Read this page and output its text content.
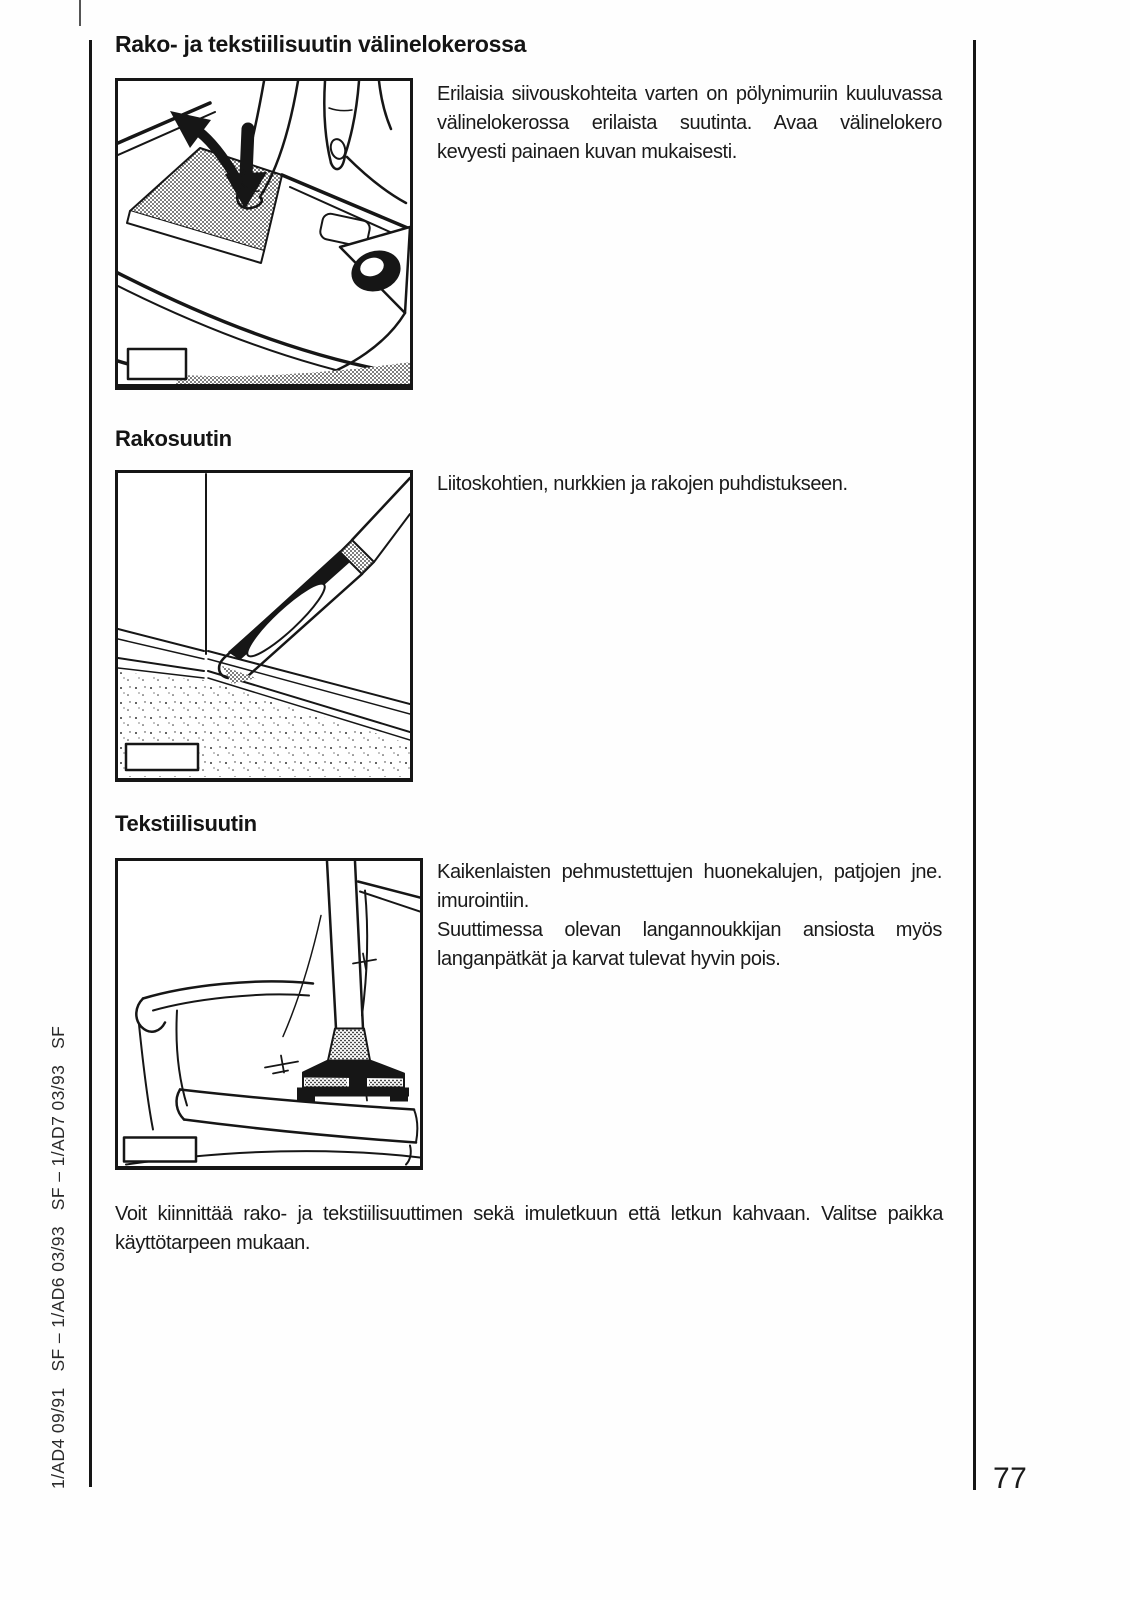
Rako- ja tekstiilisuutin välinelokerossa

Erilaisia siivouskohteita varten on pölynimuriin kuuluvassa välinelokerossa erilaista suutinta. Avaa välinelokero kevyesti painaen kuvan mukaisesti.

Rakosuutin

Liitoskohtien, nurkkien ja rakojen puhdistukseen.

Tekstiilisuutin

Kaikenlaisten pehmustettujen huonekalujen, patjojen jne. imurointiin.

Suuttimessa olevan langannoukkijan ansiosta myös langanpätkät ja karvat tulevat hyvin pois.

Voit kiinnittää rako- ja tekstiilisuuttimen sekä imuletkuun että letkun kahvaan. Valitse paikka käyttötarpeen mukaan.

1/AD4 09/91   SF – 1/AD6 03/93   SF – 1/AD7 03/93   SF	77
